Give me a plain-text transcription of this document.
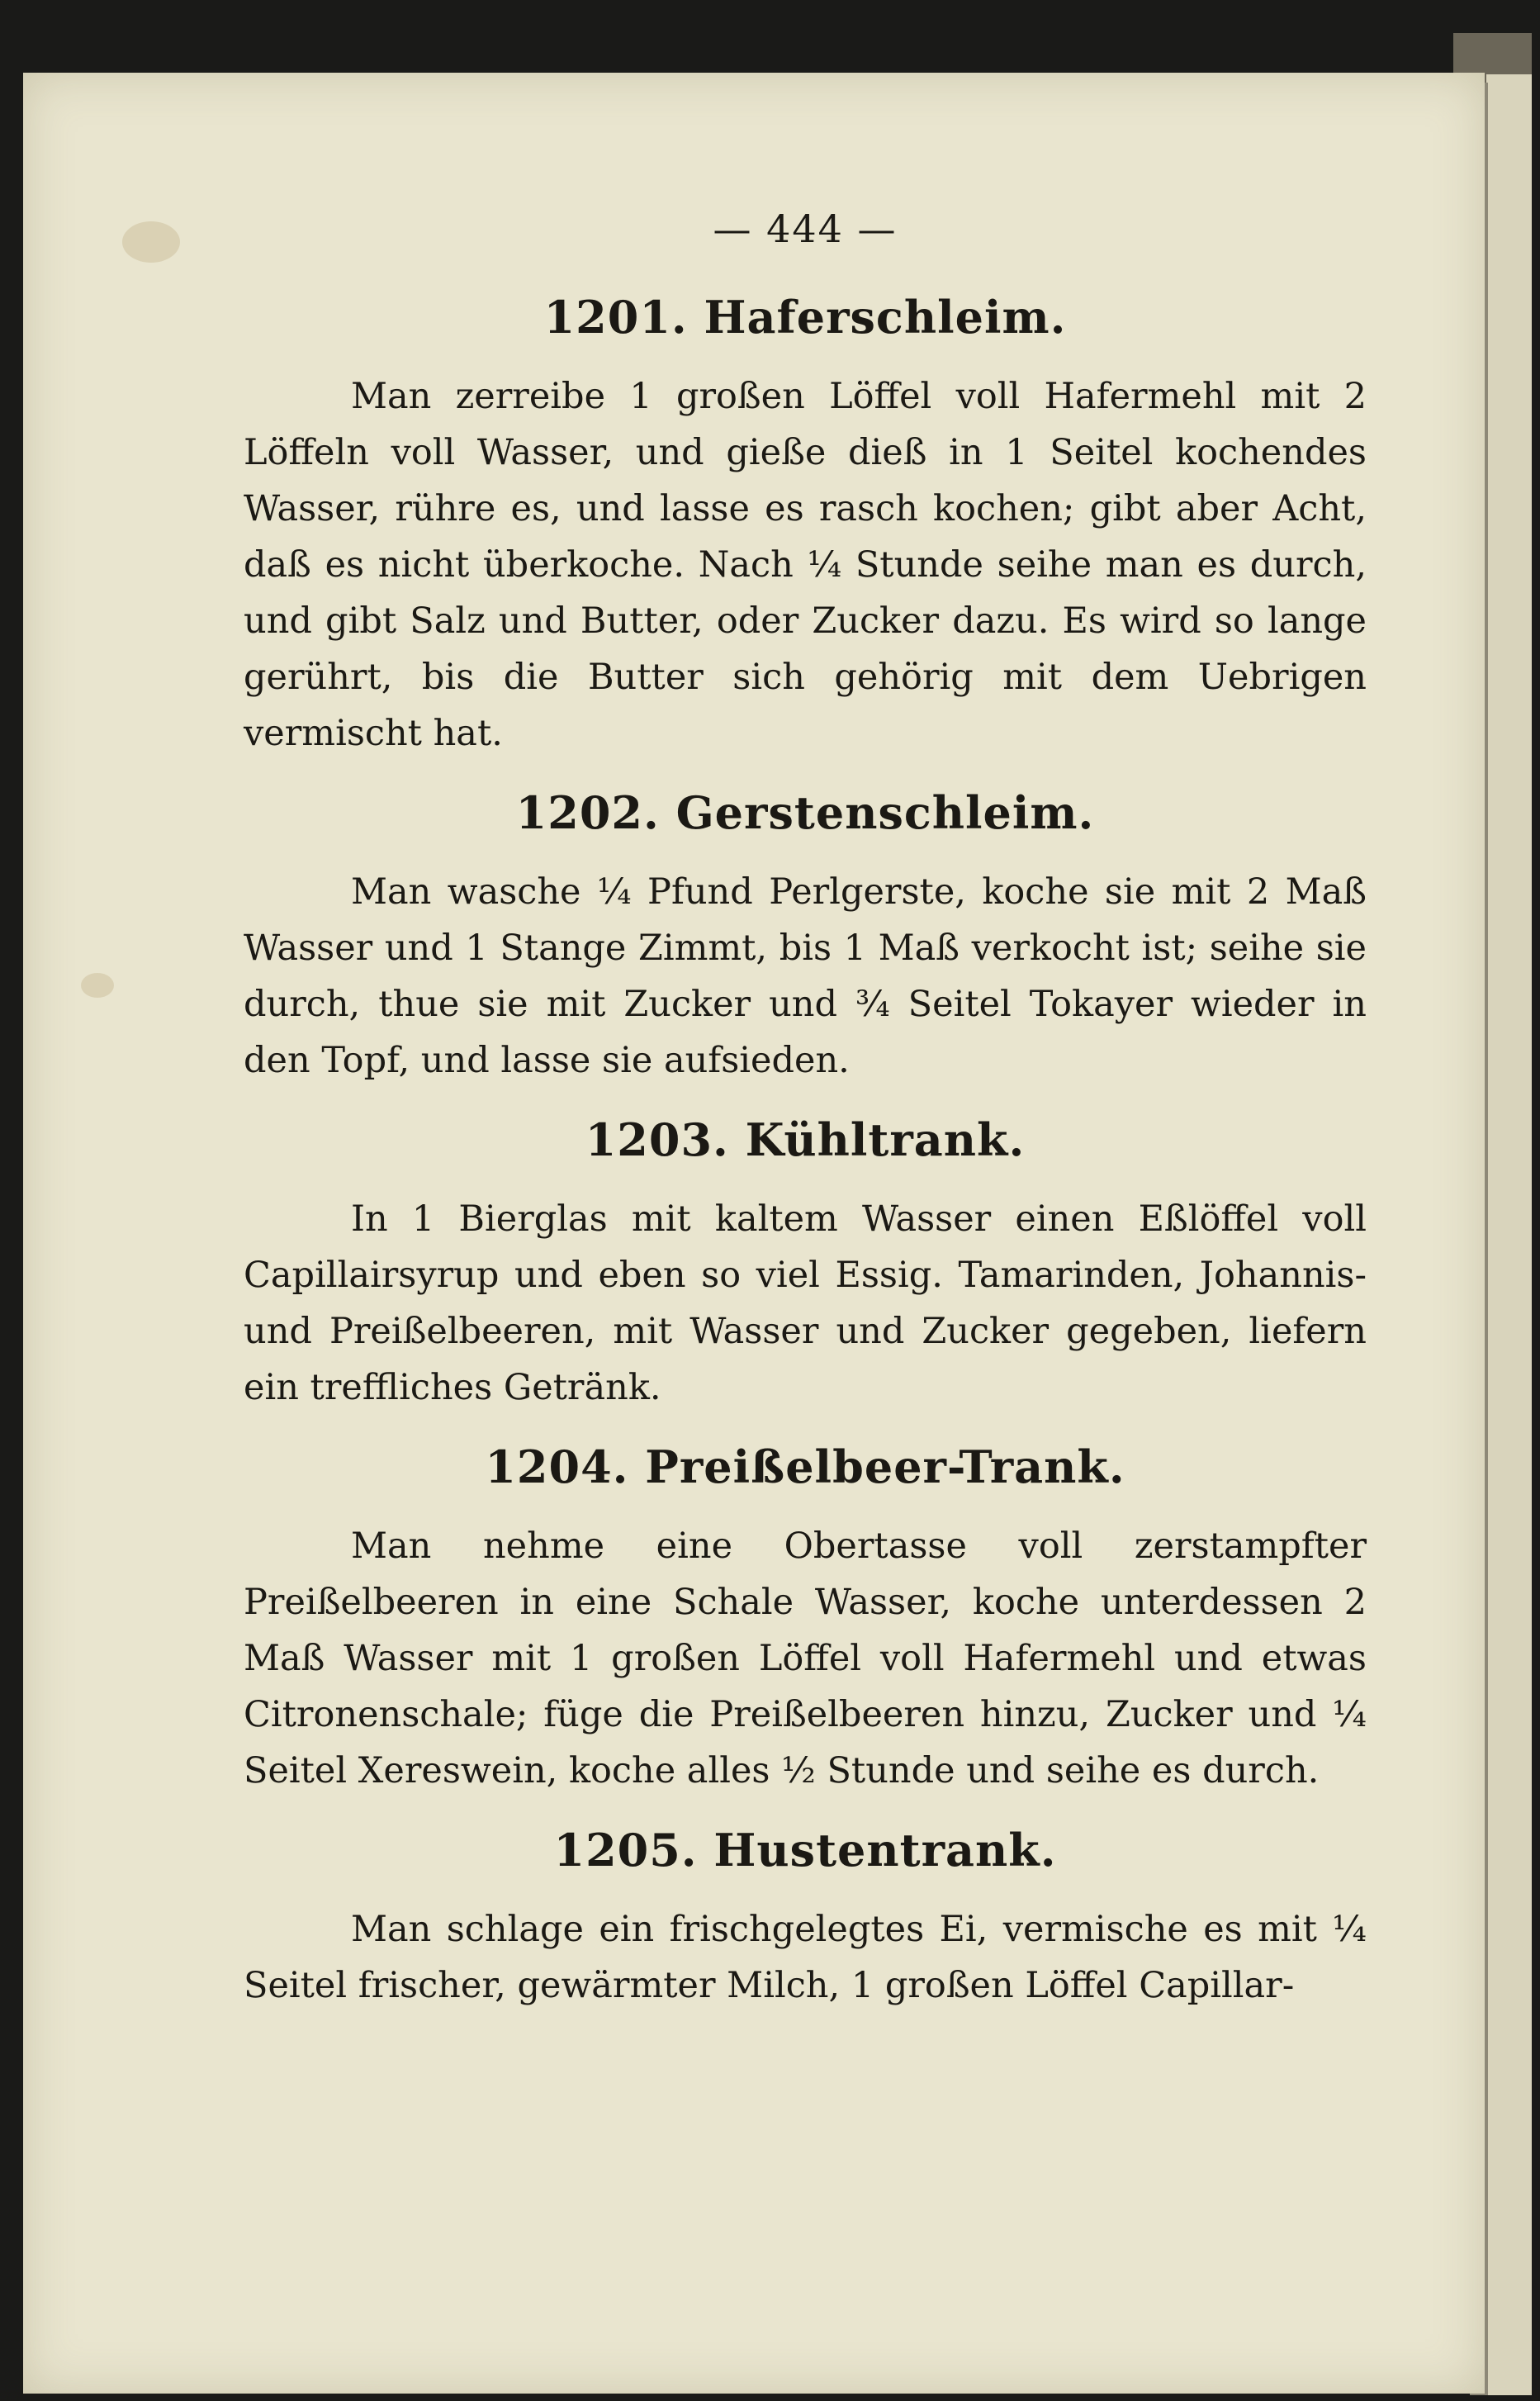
— 444 —
1201. Haferschleim.

Man zerreibe 1 großen Löffel voll Hafermehl mit 2 Löffeln voll Wasser, und gieße dieß in 1 Seitel kochendes Wasser, rühre es, und lasse es rasch kochen; gibt aber Acht, daß es nicht überkoche. Nach ¼ Stunde seihe man es durch, und gibt Salz und Butter, oder Zucker dazu. Es wird so lange gerührt, bis die Butter sich gehörig mit dem Uebrigen vermischt hat.

1202. Gerstenschleim.

Man wasche ¼ Pfund Perlgerste, koche sie mit 2 Maß Wasser und 1 Stange Zimmt, bis 1 Maß verkocht ist; seihe sie durch, thue sie mit Zucker und ¾ Seitel Tokayer wieder in den Topf, und lasse sie aufsieden.

1203. Kühltrank.

In 1 Bierglas mit kaltem Wasser einen Eßlöffel voll Capillairsyrup und eben so viel Essig. Tamarinden, Johannis- und Preißelbeeren, mit Wasser und Zucker gegeben, liefern ein treffliches Getränk.

1204. Preißelbeer-Trank.

Man nehme eine Obertasse voll zerstampfter Preißelbeeren in eine Schale Wasser, koche unterdessen 2 Maß Wasser mit 1 großen Löffel voll Hafermehl und etwas Citronenschale; füge die Preißelbeeren hinzu, Zucker und ¼ Seitel Xereswein, koche alles ½ Stunde und seihe es durch.

1205. Hustentrank.

Man schlage ein frischgelegtes Ei, vermische es mit ¼ Seitel frischer, gewärmter Milch, 1 großen Löffel Capillar-
